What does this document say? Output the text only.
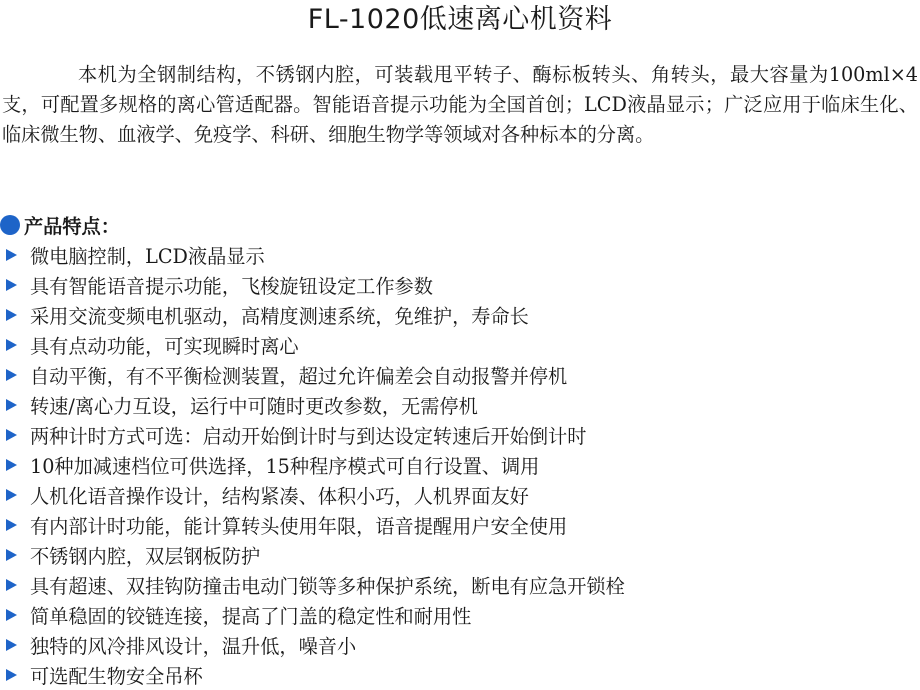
FL-1020低速离心机资料
本机为全钢制结构，不锈钢内腔，可装载甩平转子、酶标板转头、角转头，最大容量为100ml×4支，可配置多规格的离心管适配器。智能语音提示功能为全国首创；LCD液晶显示；广泛应用于临床生化、临床微生物、血液学、免疫学、科研、细胞生物学等领域对各种标本的分离。
产品特点：
微电脑控制，LCD液晶显示
具有智能语音提示功能，飞梭旋钮设定工作参数
采用交流变频电机驱动，高精度测速系统，免维护，寿命长
具有点动功能，可实现瞬时离心
自动平衡，有不平衡检测装置，超过允许偏差会自动报警并停机
转速/离心力互设，运行中可随时更改参数，无需停机
两种计时方式可选：启动开始倒计时与到达设定转速后开始倒计时
10种加减速档位可供选择，15种程序模式可自行设置、调用
人机化语音操作设计，结构紧凑、体积小巧，人机界面友好
有内部计时功能，能计算转头使用年限，语音提醒用户安全使用
不锈钢内腔，双层钢板防护
具有超速、双挂钩防撞击电动门锁等多种保护系统，断电有应急开锁栓
简单稳固的铰链连接，提高了门盖的稳定性和耐用性
独特的风冷排风设计，温升低，噪音小
可选配生物安全吊杯
